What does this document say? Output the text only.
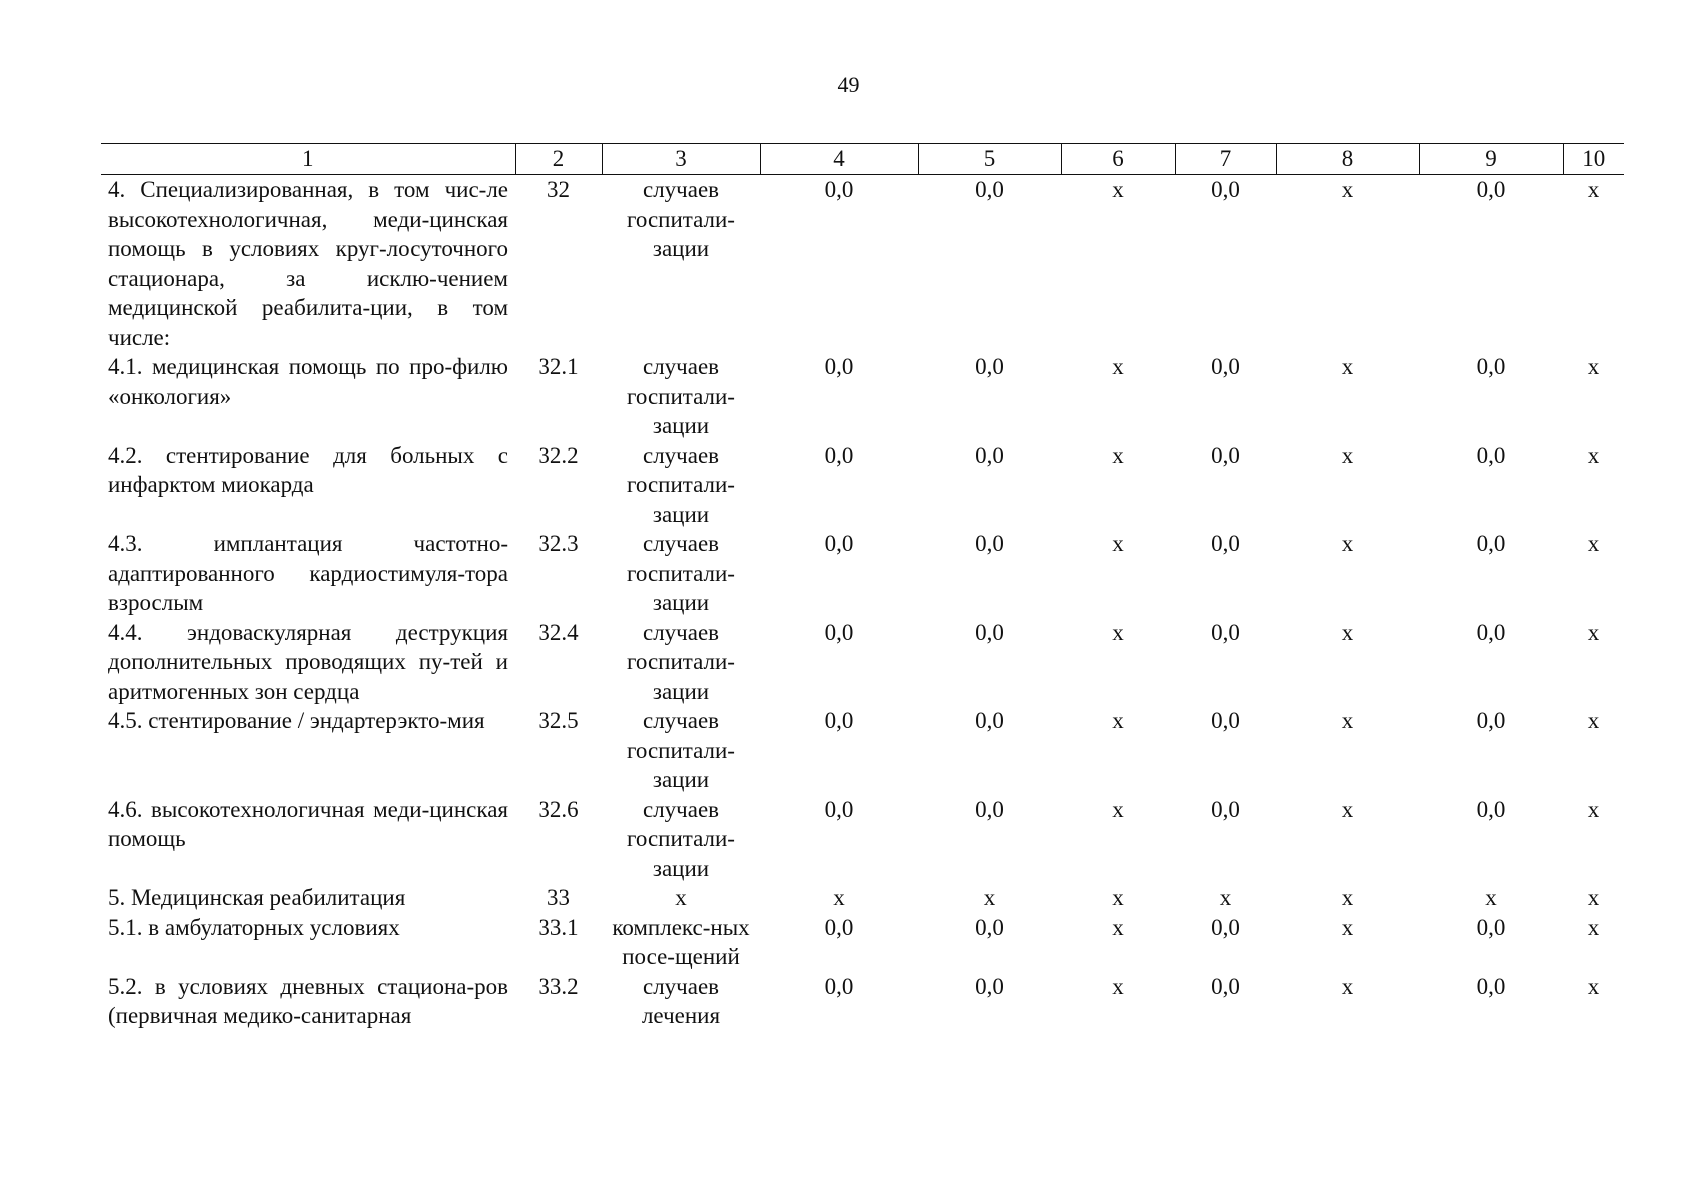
49
1	2	3	4	5	6	7	8	9	10
4. Специализированная, в том чис-ле высокотехнологичная, меди-цинская помощь в условиях круг-лосуточного стационара, за исклю-чением медицинской реабилита-ции, в том числе:	32	случаев госпитали-зации	0,0	0,0	х	0,0	х	0,0	х
4.1. медицинская помощь по про-филю «онкология»	32.1	случаев госпитали-зации	0,0	0,0	х	0,0	х	0,0	х
4.2. стентирование для больных с инфарктом миокарда	32.2	случаев госпитали-зации	0,0	0,0	х	0,0	х	0,0	х
4.3. имплантация частотно-адаптированного кардиостимуля-тора взрослым	32.3	случаев госпитали-зации	0,0	0,0	х	0,0	х	0,0	х
4.4. эндоваскулярная деструкция дополнительных проводящих пу-тей и аритмогенных зон сердца	32.4	случаев госпитали-зации	0,0	0,0	х	0,0	х	0,0	х
4.5. стентирование / эндартерэкто-мия	32.5	случаев госпитали-зации	0,0	0,0	х	0,0	х	0,0	х
4.6. высокотехнологичная меди-цинская помощь	32.6	случаев госпитали-зации	0,0	0,0	х	0,0	х	0,0	х
5. Медицинская реабилитация	33	х	х	х	х	х	х	х	х
5.1. в амбулаторных условиях	33.1	комплекс-ных посе-щений	0,0	0,0	х	0,0	х	0,0	х
5.2. в условиях дневных стациона-ров (первичная медико-санитарная	33.2	случаев лечения	0,0	0,0	х	0,0	х	0,0	х
